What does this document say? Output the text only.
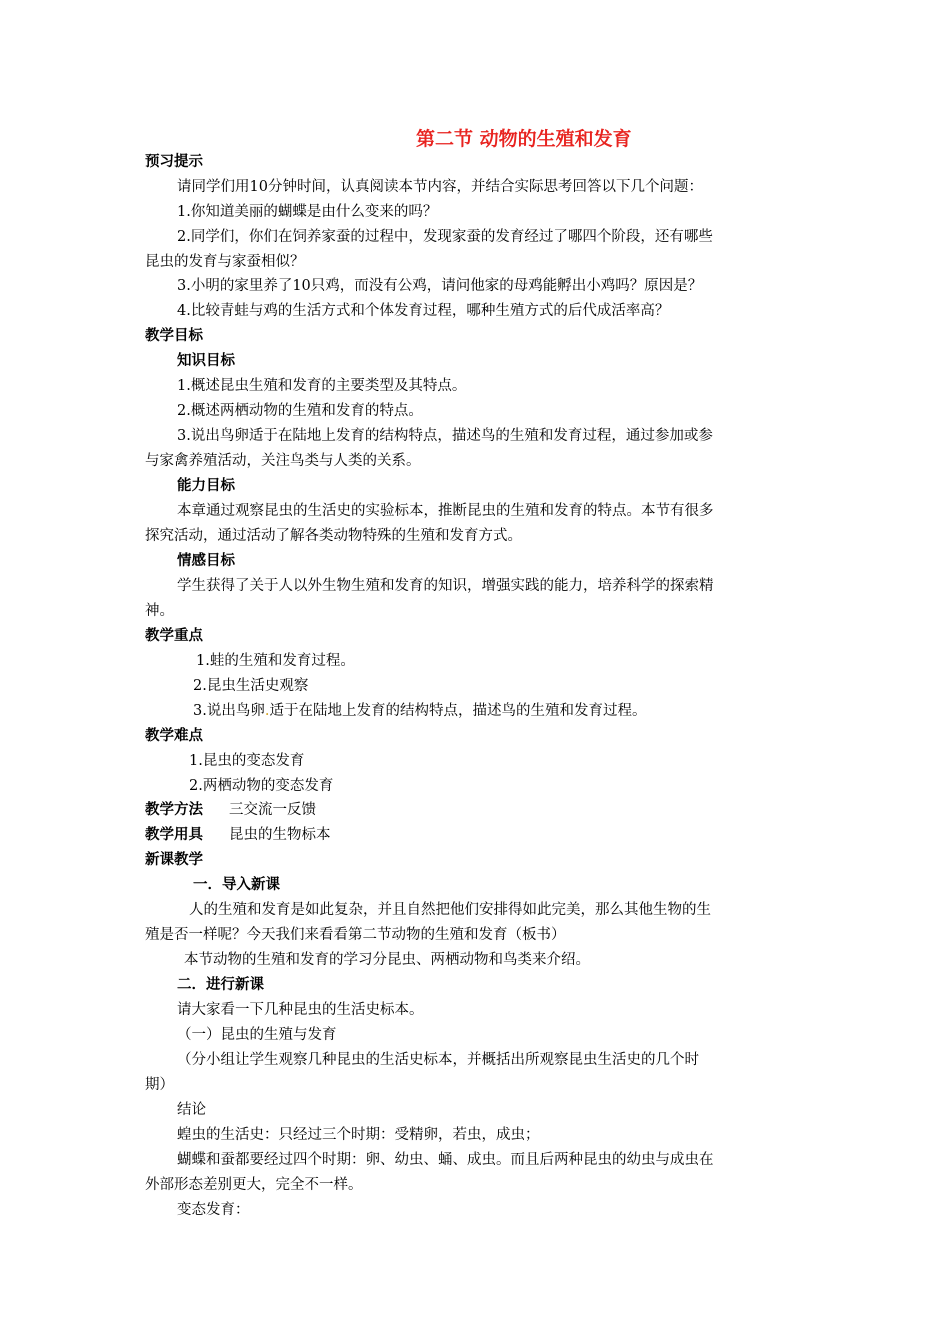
第二节 动物的生殖和发育
预习提示
请同学们用10分钟时间，认真阅读本节内容，并结合实际思考回答以下几个问题：
1.你知道美丽的蝴蝶是由什么变来的吗？
2.同学们，你们在饲养家蚕的过程中，发现家蚕的发育经过了哪四个阶段，还有哪些
昆虫的发育与家蚕相似？
3.小明的家里养了10只鸡，而没有公鸡，请问他家的母鸡能孵出小鸡吗？原因是？
4.比较青蛙与鸡的生活方式和个体发育过程，哪种生殖方式的后代成活率高？
教学目标
知识目标
1.概述昆虫生殖和发育的主要类型及其特点。
2.概述两栖动物的生殖和发育的特点。
3.说出鸟卵适于在陆地上发育的结构特点，描述鸟的生殖和发育过程，通过参加或参
与家禽养殖活动，关注鸟类与人类的关系。
能力目标
本章通过观察昆虫的生活史的实验标本，推断昆虫的生殖和发育的特点。本节有很多
探究活动，通过活动了解各类动物特殊的生殖和发育方式。
情感目标
学生获得了关于人以外生物生殖和发育的知识，增强实践的能力，培养科学的探索精
神。
教学重点
1.蛙的生殖和发育过程。
2.昆虫生活史观察
3.说出鸟卵.适于在陆地上发育的结构特点，描述鸟的生殖和发育过程。
教学难点
1.昆虫的变态发育
2.两栖动物的变态发育
教学方法 三交流一反馈
教学用具 昆虫的生物标本
新课教学
一．导入新课
人的生殖和发育是如此复杂，并且自然把他们安排得如此完美，那么其他生物的生
殖是否一样呢？今天我们来看看第二节动物的生殖和发育（板书）
本节动物的生殖和发育的学习分昆虫、两栖动物和鸟类来介绍。
二．进行新课
请大家看一下几种昆虫的生活史标本。
（一）昆虫的生殖与发育
（分小组让学生观察几种昆虫的生活史标本，并概括出所观察昆虫生活史的几个时
期）
结论
蝗虫的生活史：只经过三个时期：受精卵，若虫，成虫；
蝴蝶和蚕都要经过四个时期：卵、幼虫、蛹、成虫。而且后两种昆虫的幼虫与成虫在
外部形态差别更大，完全不一样。
变态发育：
